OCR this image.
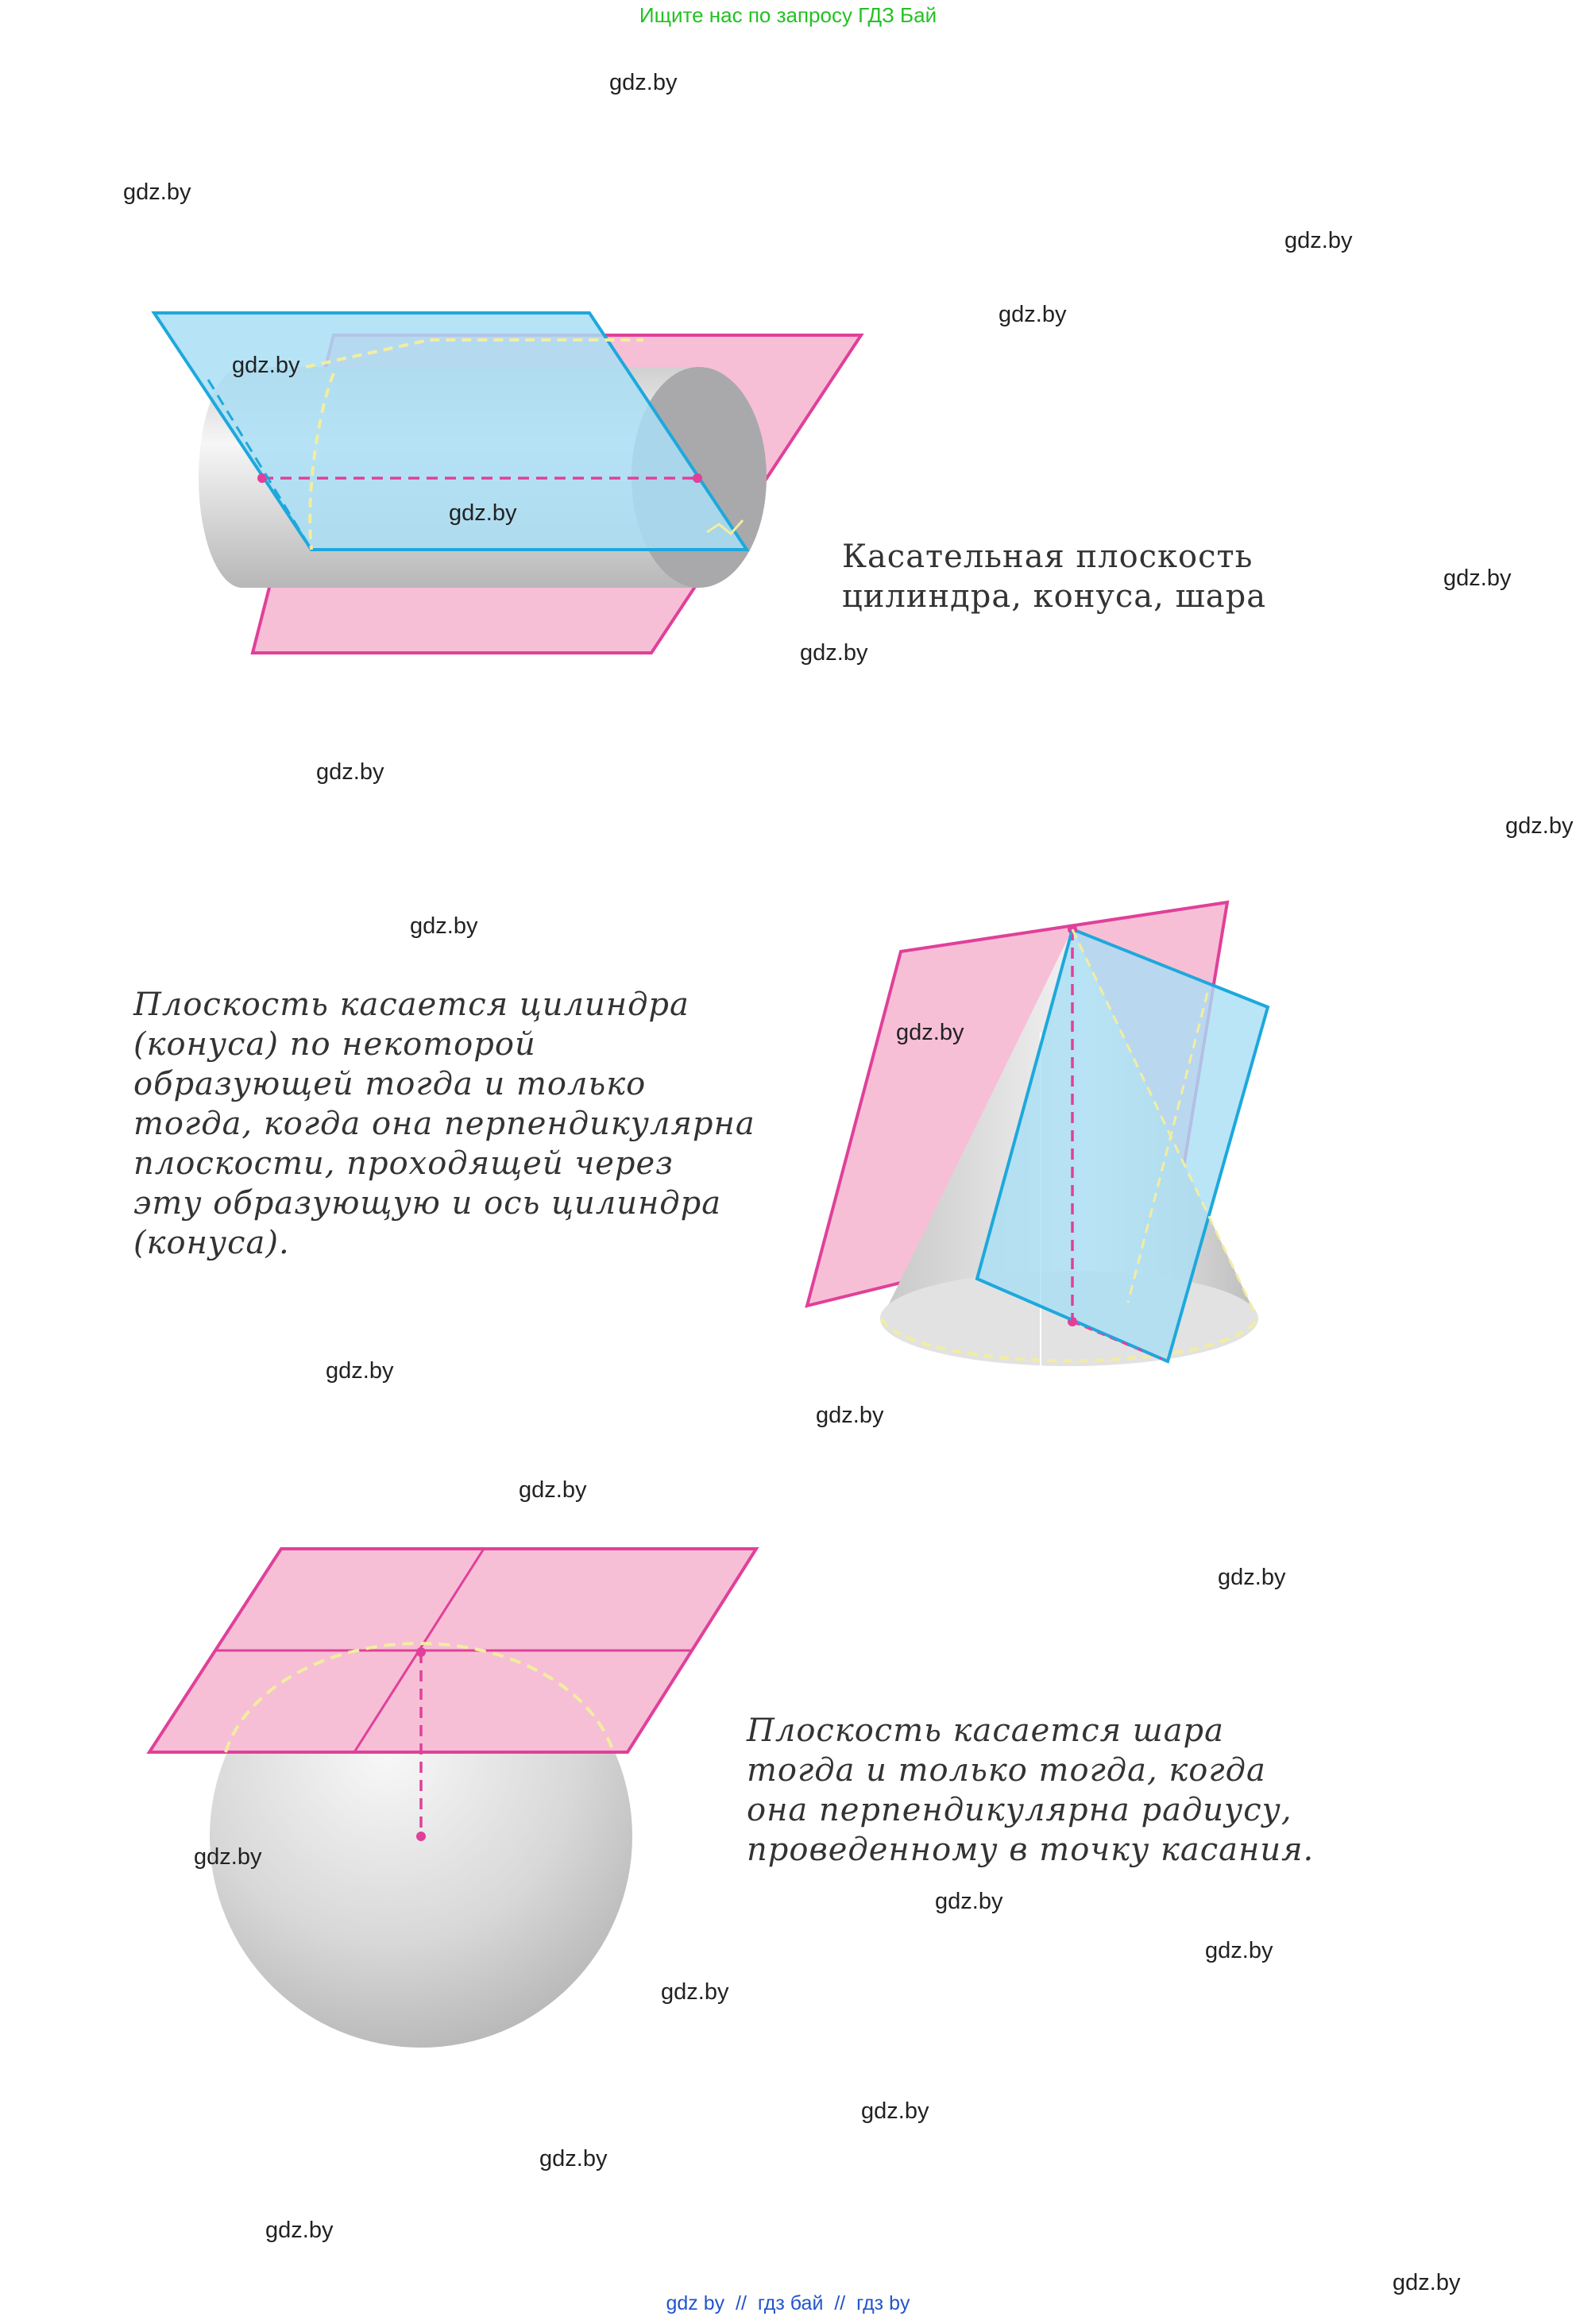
Ищите нас по запросу ГДЗ Бай
Касательная плоскость
цилиндра, конуса, шара
Плоскость касается цилиндра
(конуса) по некоторой
образующей тогда и только
тогда, когда она перпендикулярна
плоскости, проходящей через
эту образующую и ось цилиндра
(конуса).
Плоскость касается шара
тогда и только тогда, когда
она перпендикулярна радиусу,
проведенному в точку касания.
gdz.by
gdz.by
gdz.by
gdz.by
gdz.by
gdz.by
gdz.by
gdz.by
gdz.by
gdz.by
gdz.by
gdz.by
gdz.by
gdz.by
gdz.by
gdz.by
gdz.by
gdz.by
gdz.by
gdz.by
gdz.by
gdz.by
gdz.by
gdz.by
gdz by  //  гдз бай  //  гдз by
